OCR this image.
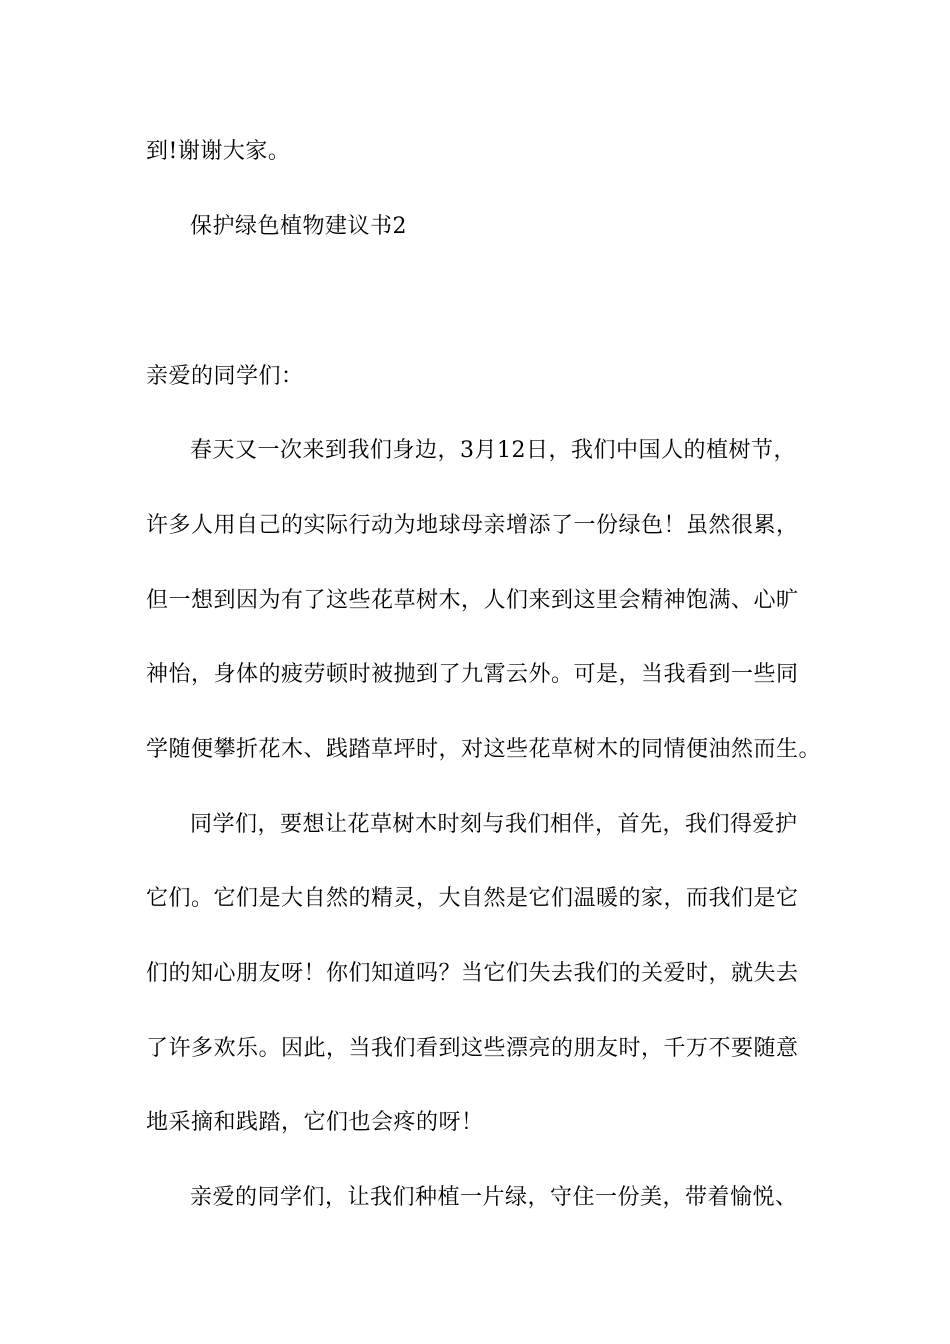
到!谢谢大家。
保护绿色植物建议书2
亲爱的同学们：
春天又一次来到我们身边，3月12日，我们中国人的植树节，
许多人用自己的实际行动为地球母亲增添了一份绿色！虽然很累，
但一想到因为有了这些花草树木，人们来到这里会精神饱满、心旷
神怡，身体的疲劳顿时被抛到了九霄云外。可是，当我看到一些同
学随便攀折花木、践踏草坪时，对这些花草树木的同情便油然而生。
同学们，要想让花草树木时刻与我们相伴，首先，我们得爱护
它们。它们是大自然的精灵，大自然是它们温暖的家，而我们是它
们的知心朋友呀！你们知道吗？当它们失去我们的关爱时，就失去
了许多欢乐。因此，当我们看到这些漂亮的朋友时，千万不要随意
地采摘和践踏，它们也会疼的呀！
亲爱的同学们，让我们种植一片绿，守住一份美，带着愉悦、
